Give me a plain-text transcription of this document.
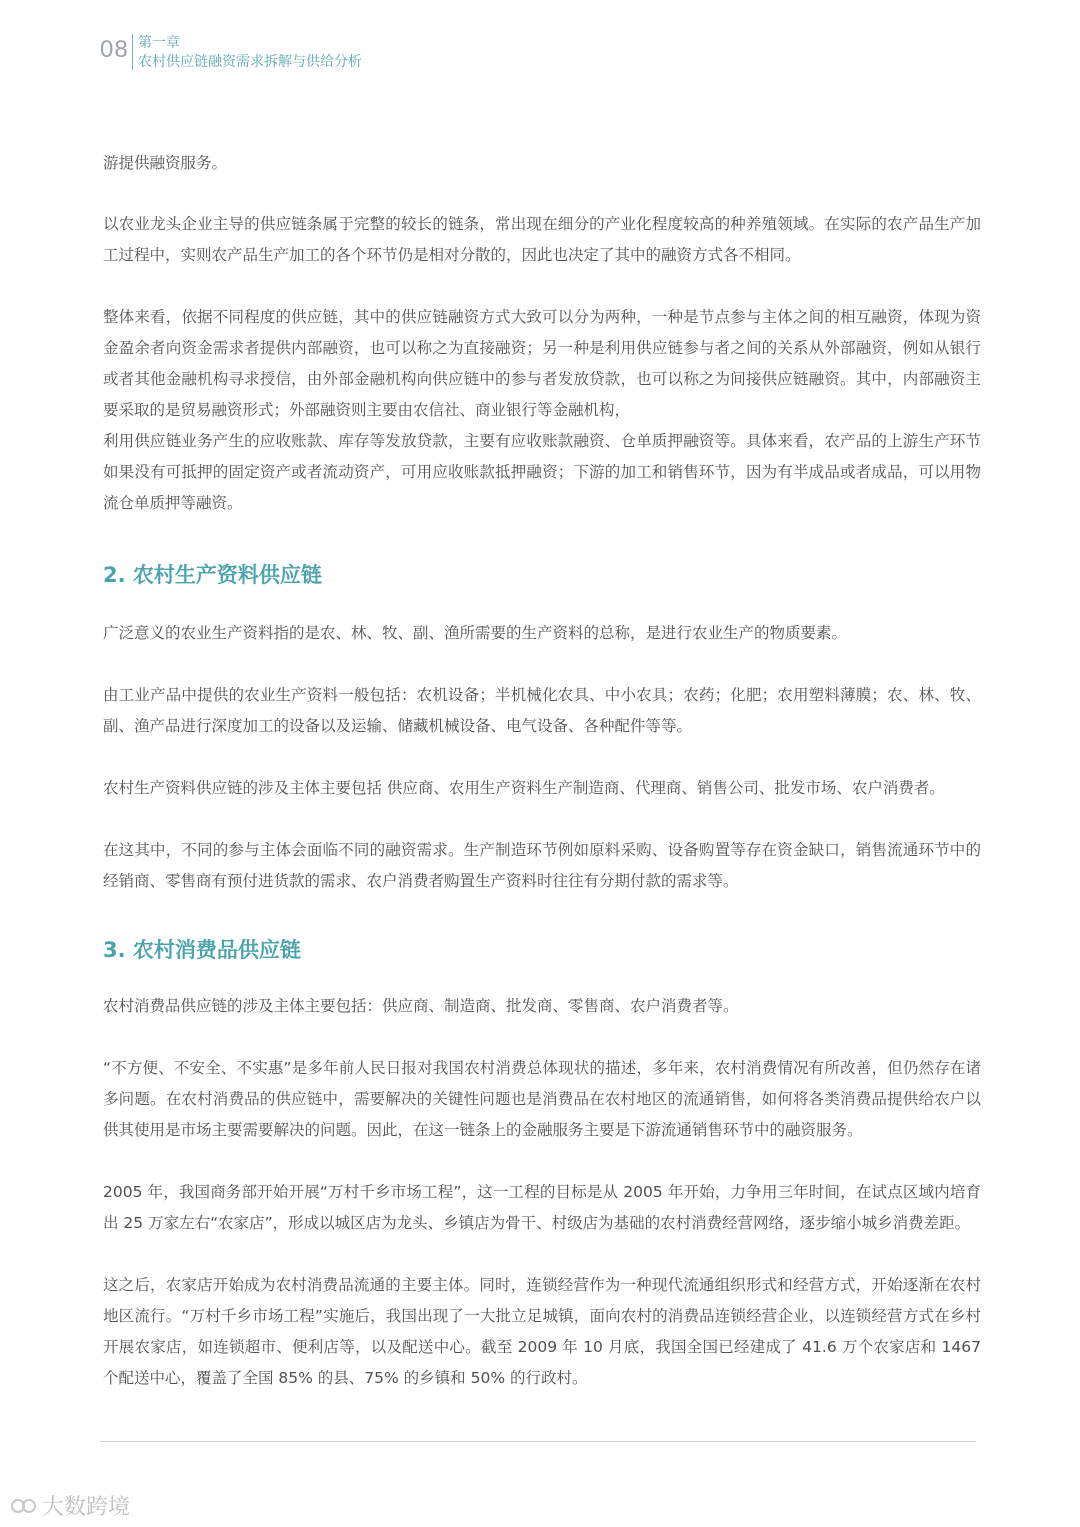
08 第一章
农村供应链融资需求拆解与供给分析

游提供融资服务。

以农业龙头企业主导的供应链条属于完整的较长的链条，常出现在细分的产业化程度较高的种养殖领域。在实际的农产品生产加工过程中，实则农产品生产加工的各个环节仍是相对分散的，因此也决定了其中的融资方式各不相同。

整体来看，依据不同程度的供应链，其中的供应链融资方式大致可以分为两种，一种是节点参与主体之间的相互融资，体现为资金盈余者向资金需求者提供内部融资，也可以称之为直接融资；另一种是利用供应链参与者之间的关系从外部融资，例如从银行或者其他金融机构寻求授信，由外部金融机构向供应链中的参与者发放贷款，也可以称之为间接供应链融资。其中，内部融资主要采取的是贸易融资形式；外部融资则主要由农信社、商业银行等金融机构，

利用供应链业务产生的应收账款、库存等发放贷款，主要有应收账款融资、仓单质押融资等。具体来看，农产品的上游生产环节如果没有可抵押的固定资产或者流动资产，可用应收账款抵押融资；下游的加工和销售环节，因为有半成品或者成品，可以用物流仓单质押等融资。

2. 农村生产资料供应链

广泛意义的农业生产资料指的是农、林、牧、副、渔所需要的生产资料的总称，是进行农业生产的物质要素。

由工业产品中提供的农业生产资料一般包括：农机设备；半机械化农具、中小农具；农药；化肥；农用塑料薄膜；农、林、牧、副、渔产品进行深度加工的设备以及运输、储藏机械设备、电气设备、各种配件等等。

农村生产资料供应链的涉及主体主要包括 供应商、农用生产资料生产制造商、代理商、销售公司、批发市场、农户消费者。

在这其中，不同的参与主体会面临不同的融资需求。生产制造环节例如原料采购、设备购置等存在资金缺口，销售流通环节中的经销商、零售商有预付进货款的需求、农户消费者购置生产资料时往往有分期付款的需求等。

3. 农村消费品供应链

农村消费品供应链的涉及主体主要包括：供应商、制造商、批发商、零售商、农户消费者等。

“不方便、不安全、不实惠”是多年前人民日报对我国农村消费总体现状的描述，多年来，农村消费情况有所改善，但仍然存在诸多问题。在农村消费品的供应链中，需要解决的关键性问题也是消费品在农村地区的流通销售，如何将各类消费品提供给农户以供其使用是市场主要需要解决的问题。因此，在这一链条上的金融服务主要是下游流通销售环节中的融资服务。

2005 年，我国商务部开始开展“万村千乡市场工程”，这一工程的目标是从 2005 年开始，力争用三年时间，在试点区域内培育出 25 万家左右“农家店”，形成以城区店为龙头、乡镇店为骨干、村级店为基础的农村消费经营网络，逐步缩小城乡消费差距。

这之后，农家店开始成为农村消费品流通的主要主体。同时，连锁经营作为一种现代流通组织形式和经营方式，开始逐渐在农村地区流行。“万村千乡市场工程”实施后，我国出现了一大批立足城镇，面向农村的消费品连锁经营企业，以连锁经营方式在乡村开展农家店，如连锁超市、便利店等，以及配送中心。截至 2009 年 10 月底，我国全国已经建成了 41.6 万个农家店和 1467 个配送中心，覆盖了全国 85% 的县、75% 的乡镇和 50% 的行政村。

大数跨境
